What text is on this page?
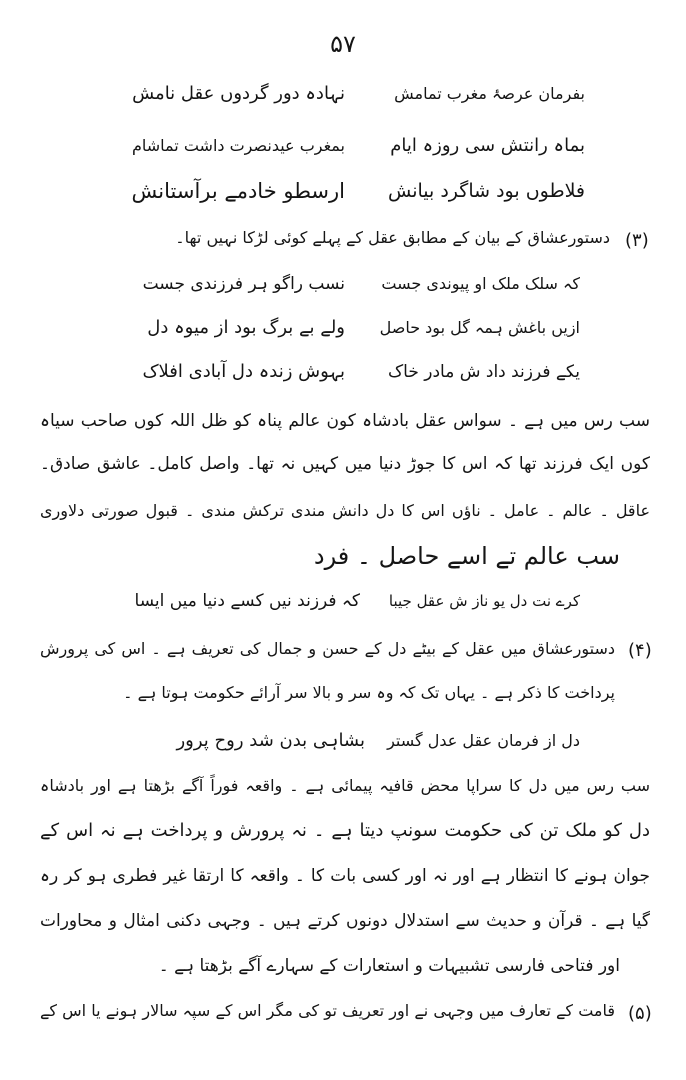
۵۷
بفرمان عرصۂ مغرب تمامش
نہادہ دور گردوں عقل نامش
بماہ رانتش سی روزہ ایام
بمغرب عیدنصرت داشت تماشام
فلاطوں بود شاگرد بیانش
ارسطو خادمے برآستانش
(۳)
دستورعشاق کے بیان کے مطابق عقل کے پہلے کوئی لڑکا نہیں تھا۔
کہ سلک ملک او پیوندی جست
نسب راگو ہر فرزندی جست
ازیں باغش ہمہ گل بود حاصل
ولے بے برگ بود از میوہ دل
یکے فرزند داد ش مادر خاک
بہوش زندہ دل آبادی افلاک
سب رس میں ہے ۔ سواس عقل بادشاہ کون عالم پناہ کو ظل اللہ کوں صاحب سیاہ
کوں ایک فرزند تھا کہ اس کا جوڑ دنیا میں کہیں نہ تھا۔ واصل کامل۔ عاشق صادق۔
عاقل ۔ عالم ۔ عامل ۔ ناؤں اس کا دل دانش مندی ترکش مندی ۔ قبول صورتی دلاوری
سب عالم تے اسے حاصل ۔ فرد
کرے نت دل یو ناز ش عقل جیبا
کہ فرزند نیں کسے دنیا میں ایسا
(۴)
دستورعشاق میں عقل کے بیٹے دل کے حسن و جمال کی تعریف ہے ۔ اس کی پرورش
پرداخت کا ذکر ہے ۔ یہاں تک کہ وہ سر و بالا سر آرائے حکومت ہوتا ہے ۔
دل از فرمان عقل عدل گستر
بشاہی بدن شد روح پرور
سب رس میں دل کا سراپا محض قافیہ پیمائی ہے ۔ واقعہ فوراً آگے بڑھتا ہے اور بادشاہ
دل کو ملک تن کی حکومت سونپ دیتا ہے ۔ نہ پرورش و پرداخت ہے نہ اس کے
جوان ہونے کا انتظار ہے اور نہ اور کسی بات کا ۔ واقعہ کا ارتقا غیر فطری ہو کر رہ
گیا ہے ۔ قرآن و حدیث سے استدلال دونوں کرتے ہیں ۔ وجہی دکنی امثال و محاورات
اور فتاحی فارسی تشبیہات و استعارات کے سہارے آگے بڑھتا ہے ۔
(۵)
قامت کے تعارف میں وجہی نے اور تعریف تو کی مگر اس کے سپہ سالار ہونے یا اس کے
